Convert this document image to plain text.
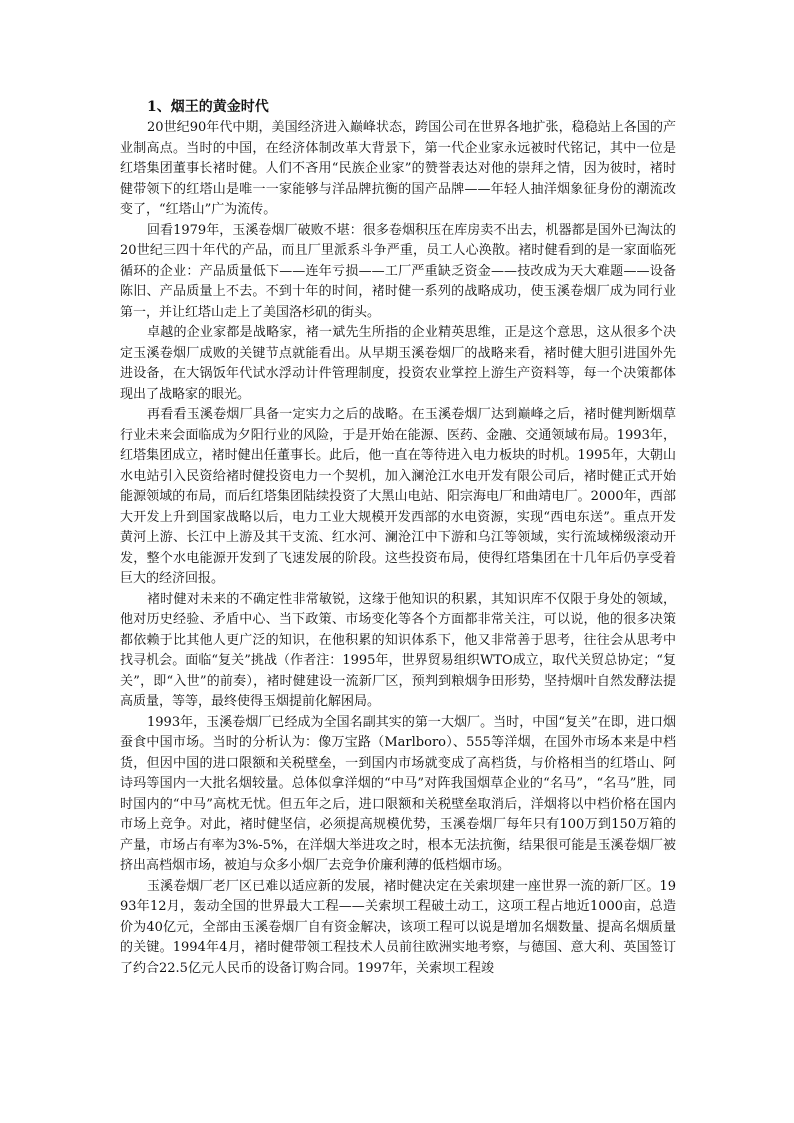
1、烟王的黄金时代

20世纪90年代中期，美国经济进入巅峰状态，跨国公司在世界各地扩张，稳稳站上各国的产业制高点。当时的中国，在经济体制改革大背景下，第一代企业家永远被时代铭记，其中一位是红塔集团董事长褚时健。人们不吝用“民族企业家”的赞誉表达对他的崇拜之情，因为彼时，褚时健带领下的红塔山是唯一一家能够与洋品牌抗衡的国产品牌——年轻人抽洋烟象征身份的潮流改变了，“红塔山”广为流传。

回看1979年，玉溪卷烟厂破败不堪：很多卷烟积压在库房卖不出去，机器都是国外已淘汰的20世纪三四十年代的产品，而且厂里派系斗争严重，员工人心涣散。褚时健看到的是一家面临死循环的企业：产品质量低下——连年亏损——工厂严重缺乏资金——技改成为天大难题——设备陈旧、产品质量上不去。不到十年的时间，褚时健一系列的战略成功，使玉溪卷烟厂成为同行业第一，并让红塔山走上了美国洛杉矶的街头。

卓越的企业家都是战略家，褚一斌先生所指的企业精英思维，正是这个意思，这从很多个决定玉溪卷烟厂成败的关键节点就能看出。从早期玉溪卷烟厂的战略来看，褚时健大胆引进国外先进设备，在大锅饭年代试水浮动计件管理制度，投资农业掌控上游生产资料等，每一个决策都体现出了战略家的眼光。

再看看玉溪卷烟厂具备一定实力之后的战略。在玉溪卷烟厂达到巅峰之后，褚时健判断烟草行业未来会面临成为夕阳行业的风险，于是开始在能源、医药、金融、交通领域布局。1993年，红塔集团成立，褚时健出任董事长。此后，他一直在等待进入电力板块的时机。1995年，大朝山水电站引入民资给褚时健投资电力一个契机，加入澜沧江水电开发有限公司后，褚时健正式开始能源领域的布局，而后红塔集团陆续投资了大黑山电站、阳宗海电厂和曲靖电厂。2000年，西部大开发上升到国家战略以后，电力工业大规模开发西部的水电资源，实现“西电东送”。重点开发黄河上游、长江中上游及其干支流、红水河、澜沧江中下游和乌江等领域，实行流域梯级滚动开发，整个水电能源开发到了飞速发展的阶段。这些投资布局，使得红塔集团在十几年后仍享受着巨大的经济回报。

褚时健对未来的不确定性非常敏锐，这缘于他知识的积累，其知识库不仅限于身处的领域，他对历史经验、矛盾中心、当下政策、市场变化等各个方面都非常关注，可以说，他的很多决策都依赖于比其他人更广泛的知识，在他积累的知识体系下，他又非常善于思考，往往会从思考中找寻机会。面临“复关”挑战（作者注：1995年，世界贸易组织WTO成立，取代关贸总协定；“复关”，即“入世”的前奏），褚时健建设一流新厂区，预判到粮烟争田形势，坚持烟叶自然发酵法提高质量，等等，最终使得玉烟提前化解困局。

1993年，玉溪卷烟厂已经成为全国名副其实的第一大烟厂。当时，中国“复关”在即，进口烟蚕食中国市场。当时的分析认为：像万宝路（Marlboro）、555等洋烟，在国外市场本来是中档货，但因中国的进口限额和关税壁垒，一到国内市场就变成了高档货，与价格相当的红塔山、阿诗玛等国内一大批名烟较量。总体似拿洋烟的“中马”对阵我国烟草企业的“名马”，“名马”胜，同时国内的“中马”高枕无忧。但五年之后，进口限额和关税壁垒取消后，洋烟将以中档价格在国内市场上竞争。对此，褚时健坚信，必须提高规模优势，玉溪卷烟厂每年只有100万到150万箱的产量，市场占有率为3%-5%，在洋烟大举进攻之时，根本无法抗衡，结果很可能是玉溪卷烟厂被挤出高档烟市场，被迫与众多小烟厂去竞争价廉利薄的低档烟市场。

玉溪卷烟厂老厂区已难以适应新的发展，褚时健决定在关索坝建一座世界一流的新厂区。1993年12月，轰动全国的世界最大工程——关索坝工程破土动工，这项工程占地近1000亩，总造价为40亿元，全部由玉溪卷烟厂自有资金解决，该项工程可以说是增加名烟数量、提高名烟质量的关键。1994年4月，褚时健带领工程技术人员前往欧洲实地考察，与德国、意大利、英国签订了约合22.5亿元人民币的设备订购合同。1997年，关索坝工程竣
